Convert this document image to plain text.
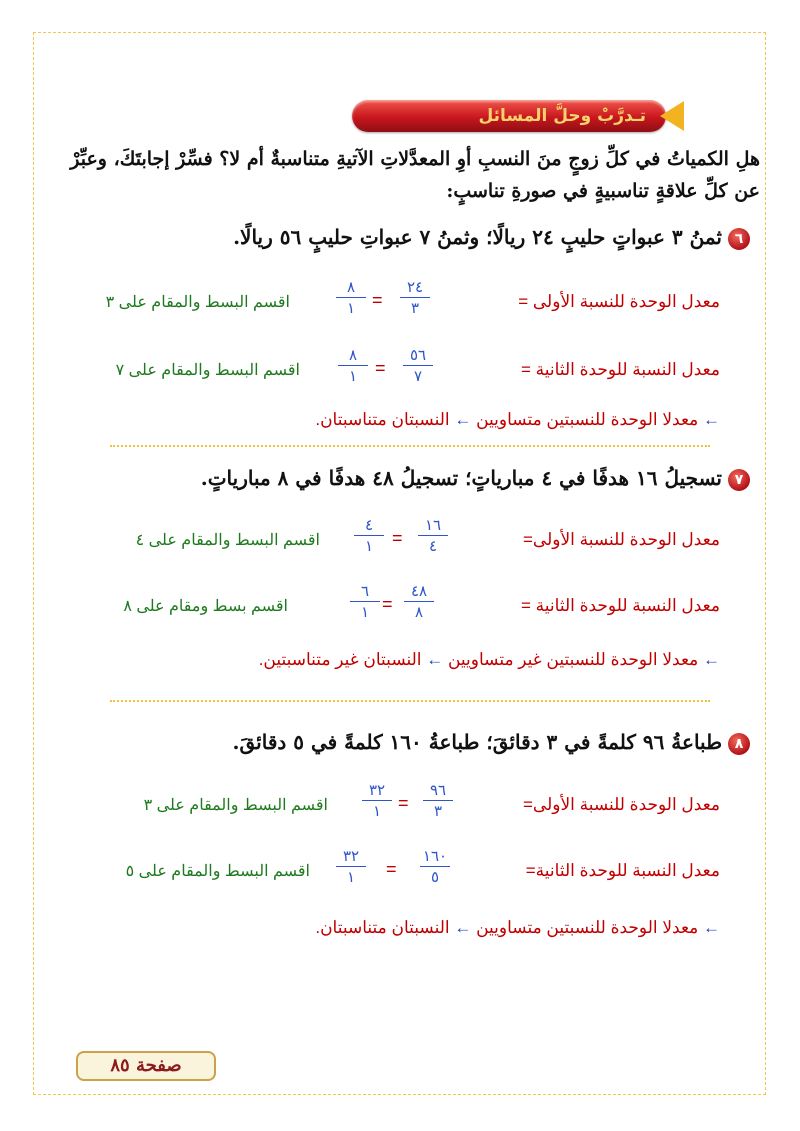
تـدرَّبْ وحلَّ المسائل
هلِ الكمياتُ في كلِّ زوجٍ منَ النسبِ أوِ المعدَّلاتِ الآتيةِ متناسبةٌ أم لا؟ فسِّرْ إجابتَكَ، وعبِّرْ
عن كلِّ علاقةٍ تناسبيةٍ في صورةِ تناسبٍ:
٦ثمنُ ٣ عبواتٍ حليبٍ ٢٤ ريالًا؛ وثمنُ ٧ عبواتِ حليبٍ ٥٦ ريالًا.
معدل الوحدة للنسبة الأولى =
٢٤
٣
=
٨
١
اقسم البسط والمقام على ٣
معدل النسبة للوحدة الثانية =
٥٦
٧
=
٨
١
اقسم البسط والمقام على ٧
← معدلا الوحدة للنسبتين متساويين ← النسبتان متناسبتان.
٧تسجيلُ ١٦ هدفًا في ٤ مبارياتٍ؛ تسجيلُ ٤٨ هدفًا في ٨ مبارياتٍ.
معدل الوحدة للنسبة الأولى=
١٦
٤
=
٤
١
اقسم البسط والمقام على ٤
معدل النسبة للوحدة الثانية =
٤٨
٨
=
٦
١
اقسم بسط ومقام على ٨
← معدلا الوحدة للنسبتين غير متساويين ← النسبتان غير متناسبتين.
٨طباعةُ ٩٦ كلمةً في ٣ دقائقَ؛ طباعةُ ١٦٠ كلمةً في ٥ دقائقَ.
معدل الوحدة للنسبة الأولى=
٩٦
٣
=
٣٢
١
اقسم البسط والمقام على ٣
معدل النسبة للوحدة الثانية=
١٦٠
٥
=
٣٢
١
اقسم البسط والمقام على ٥
← معدلا الوحدة للنسبتين متساويين ← النسبتان متناسبتان.
صفحة ٨٥
